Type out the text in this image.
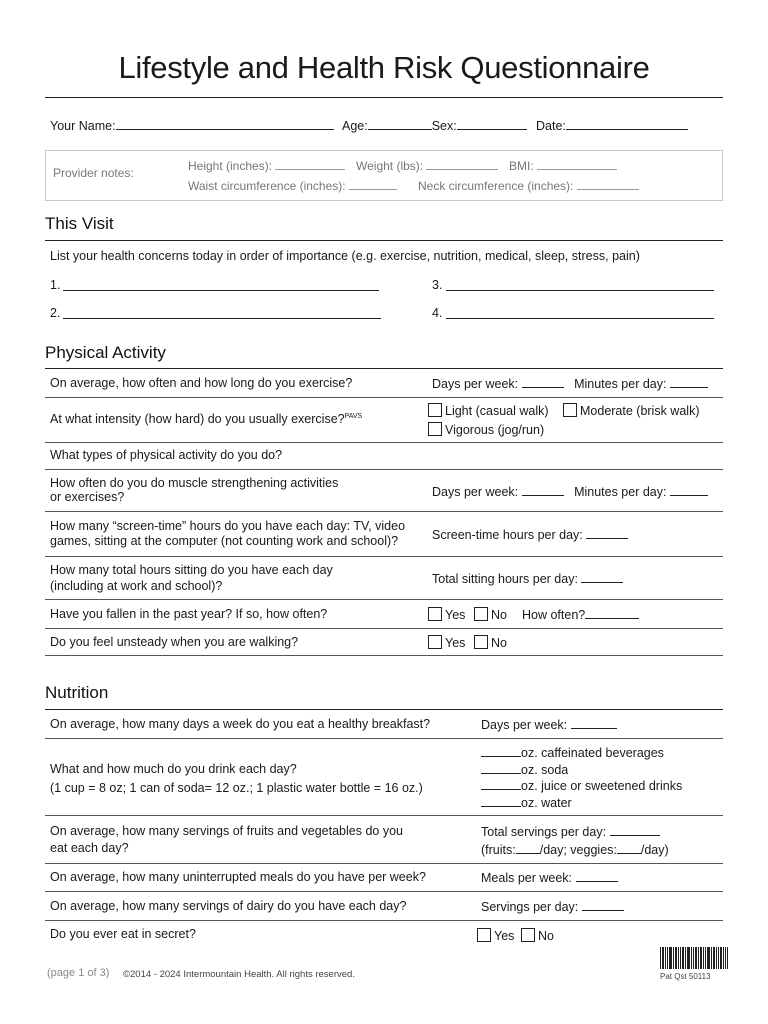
Lifestyle and Health Risk Questionnaire
Your Name:	Age:	Sex:	Date:
Provider notes:	Height (inches):	Weight (lbs):	BMI:
Waist circumference (inches):	Neck circumference (inches):
This Visit
List your health concerns today in order of importance (e.g. exercise, nutrition, medical, sleep, stress, pain)
1.	3.
2.	4.
Physical Activity
On average, how often and how long do you exercise?	Days per week:	Minutes per day:
At what intensity (how hard) do you usually exercise?$^{PAVS}$	Light (casual walk)	Moderate (brisk walk)
Vigorous (jog/run)
What types of physical activity do you do?
How often do you do muscle strengthening activities
or exercises?	Days per week:	Minutes per day:
How many “screen-time” hours do you have each day: TV, video
games, sitting at the computer (not counting work and school)?	Screen-time hours per day:
How many total hours sitting do you have each day
(including at work and school)?	Total sitting hours per day:
Have you fallen in the past year? If so, how often?	Yes	No How often?
Do you feel unsteady when you are walking?	Yes	No
Nutrition
On average, how many days a week do you eat a healthy breakfast?	Days per week:
What and how much do you drink each day?
(1 cup = 8 oz; 1 can of soda= 12 oz.; 1 plastic water bottle = 16 oz.)
oz. caffeinated beverages
oz. soda
oz. juice or sweetened drinks
oz. water
On average, how many servings of fruits and vegetables do you
eat each day?
Total servings per day:
(fruits: /day; veggies: /day)
On average, how many uninterrupted meals do you have per week?	Meals per week:
On average, how many servings of dairy do you have each day?	Servings per day:
Do you ever eat in secret?	Yes	No
(page 1 of 3) ©2014 - 2024 Intermountain Health. All rights reserved.	Pat Qst 50113
